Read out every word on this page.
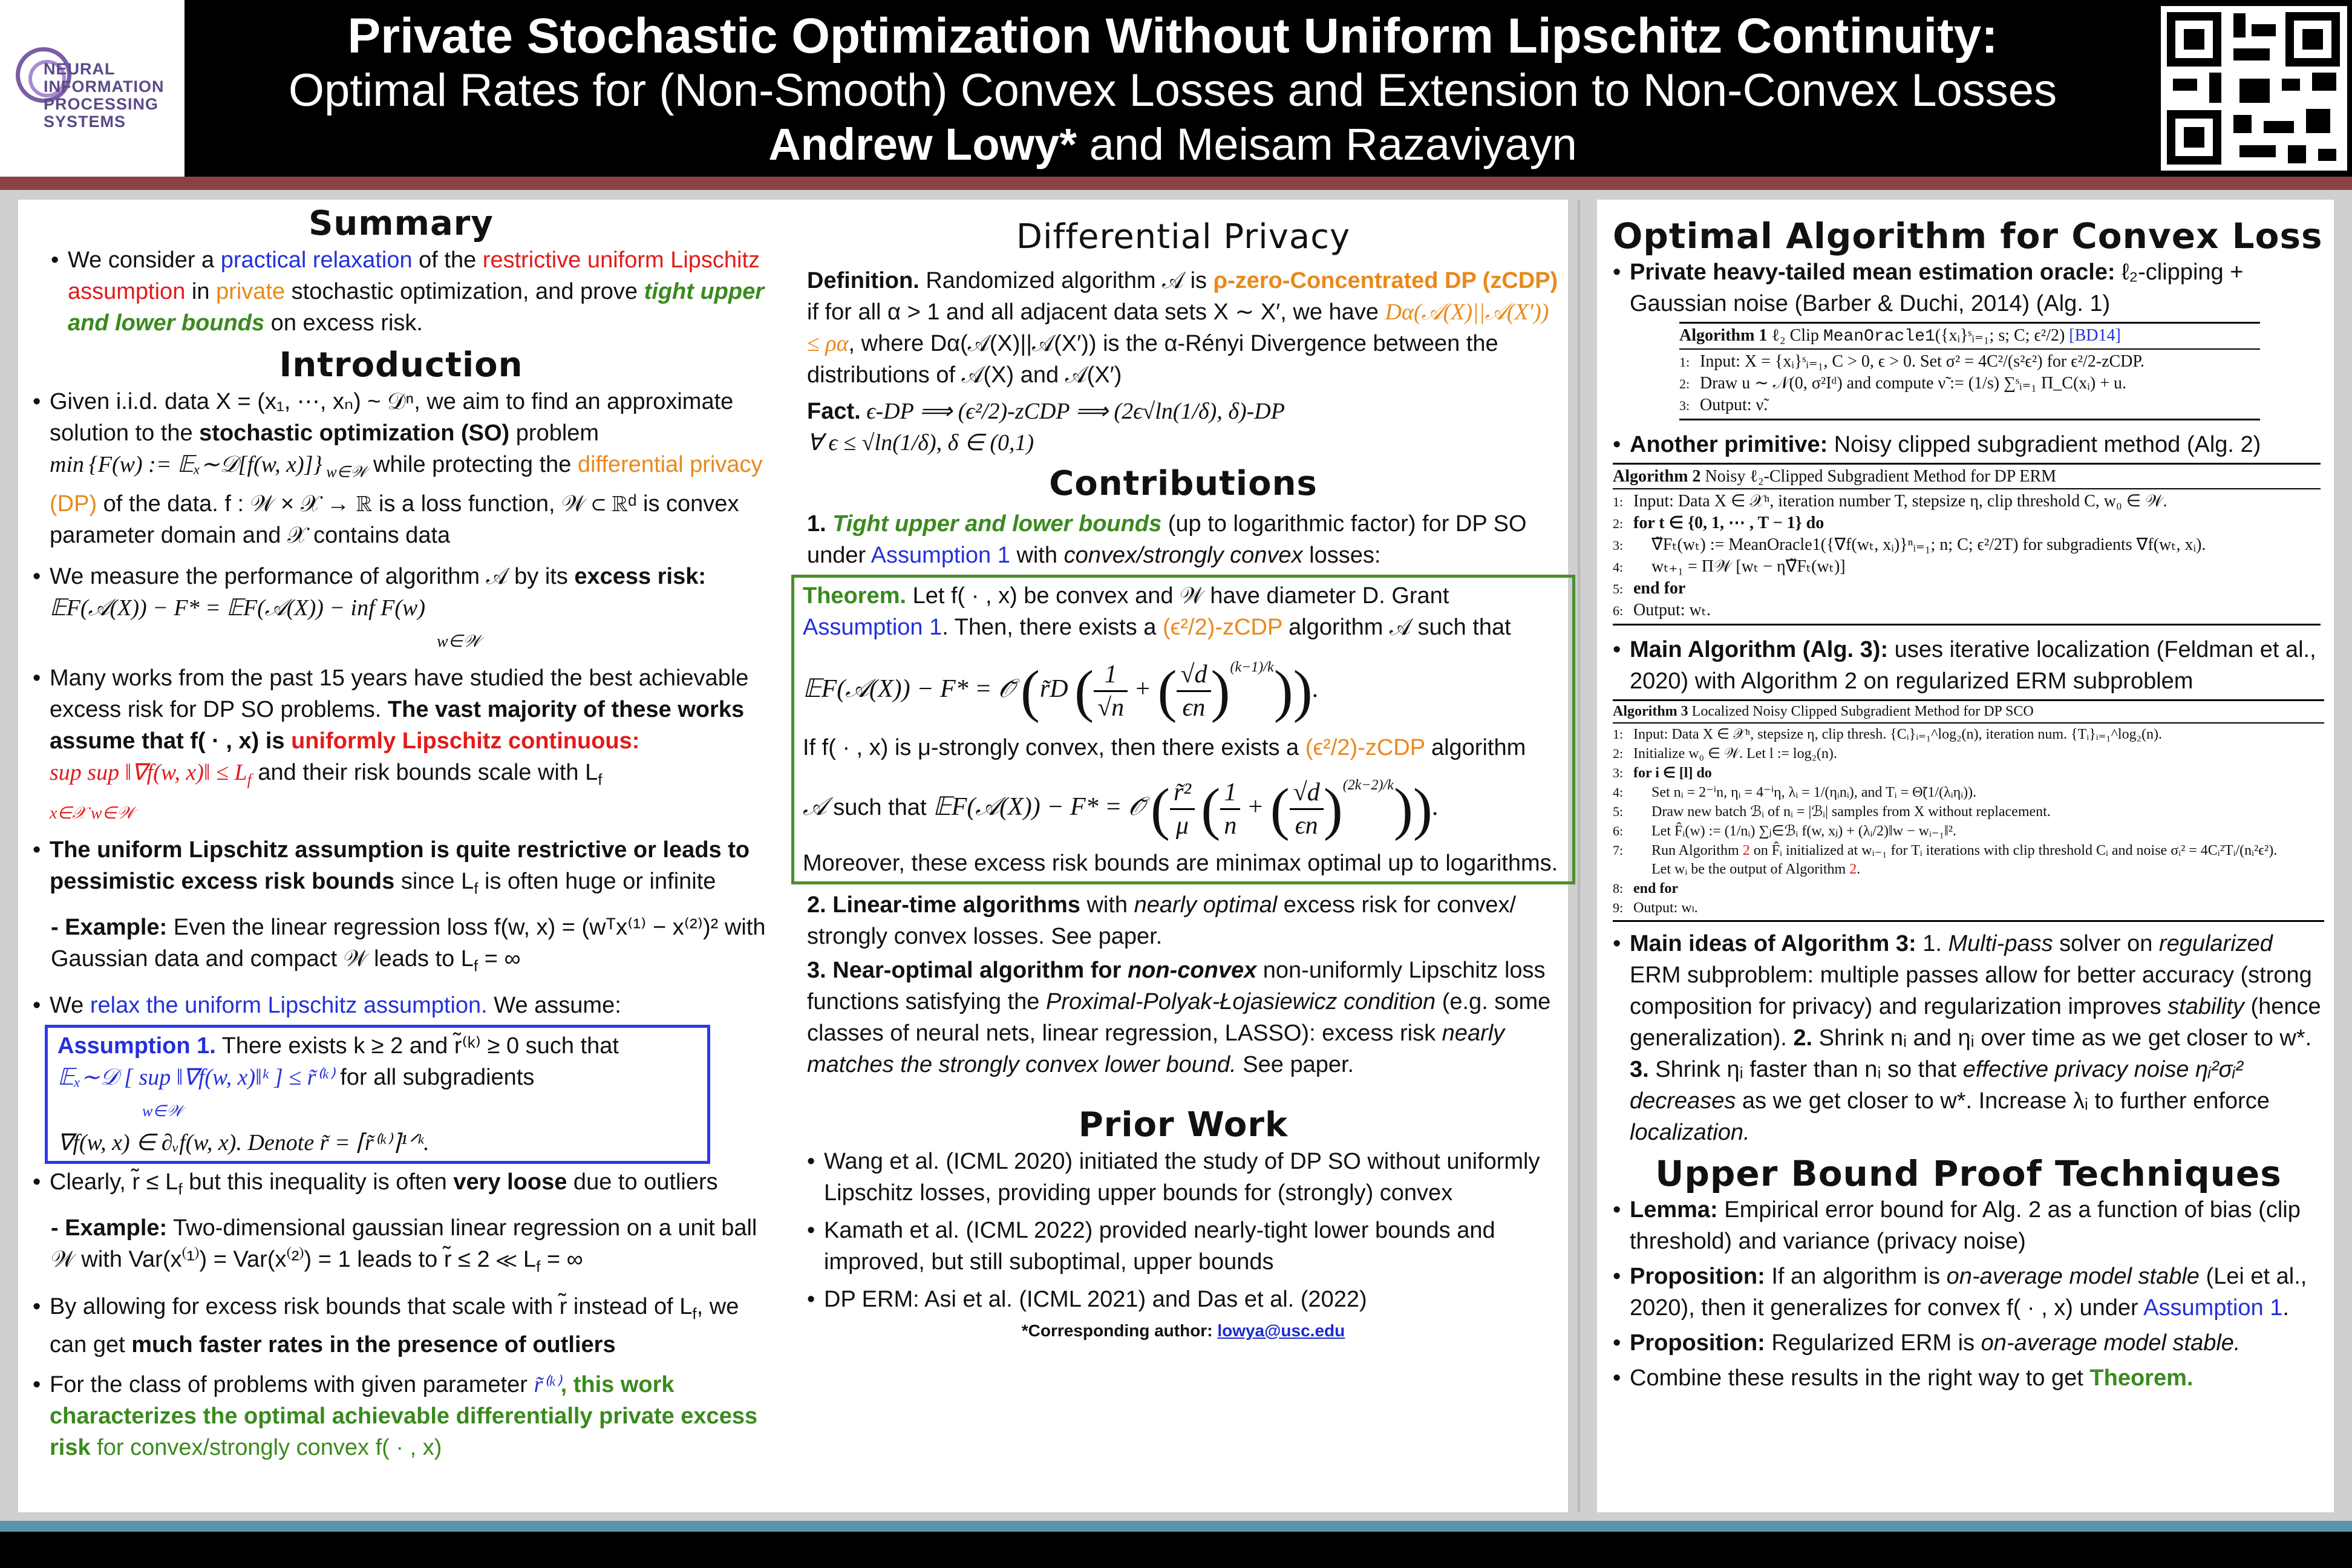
NEURAL INFORMATION PROCESSING SYSTEMS
Private Stochastic Optimization Without Uniform Lipschitz Continuity:
Optimal Rates for (Non-Smooth) Convex Losses and Extension to Non-Convex Losses
Andrew Lowy* and Meisam Razaviyayn
Summary
• We consider a practical relaxation of the restrictive uniform Lipschitz assumption in private stochastic optimization, and prove tight upper and lower bounds on excess risk.
Introduction
• Given i.i.d. data X = (x₁, ⋯, xₙ) ~ 𝒟ⁿ, we aim to find an approximate solution to the stochastic optimization (SO) problem
min {F(w) := 𝔼ₓ∼𝒟[f(w, x)]} $_{w\in 𝒲}$ while protecting the differential privacy (DP) of the data. f : 𝒲 × 𝒳 → ℝ is a loss function, 𝒲 ⊂ ℝᵈ is convex parameter domain and 𝒳 contains data
• We measure the performance of algorithm 𝒜 by its excess risk:
𝔼F(𝒜(X)) − F* = 𝔼F(𝒜(X)) − inf F(w)
w∈𝒲
• Many works from the past 15 years have studied the best achievable excess risk for DP SO problems. The vast majority of these works assume that f( · , x) is uniformly Lipschitz continuous:
sup sup ‖∇f(w, x)‖ ≤ $L_f$ and their risk bounds scale with $L_f$
x∈𝒳 w∈𝒲
• The uniform Lipschitz assumption is quite restrictive or leads to pessimistic excess risk bounds since $L_f$ is often huge or infinite
- Example: Even the linear regression loss f(w, x) = (wᵀx⁽¹⁾ − x⁽²⁾)² with Gaussian data and compact 𝒲 leads to $L_f$ = ∞
• We relax the uniform Lipschitz assumption. We assume:
Assumption 1. There exists k ≥ 2 and r̃⁽ᵏ⁾ ≥ 0 such that
𝔼ₓ∼𝒟 [ sup ‖∇f(w, x)‖ᵏ ] ≤ r̃⁽ᵏ⁾ for all subgradients
w∈𝒲
∇f(w, x) ∈ ∂ᵥf(w, x). Denote r̃ = ⌈r̃⁽ᵏ⁾⌉¹ᐟᵏ.
• Clearly, r̃ ≤ $L_f$ but this inequality is often very loose due to outliers
- Example: Two-dimensional gaussian linear regression on a unit ball 𝒲 with Var(x⁽¹⁾) = Var(x⁽²⁾) = 1 leads to r̃ ≤ 2 ≪ $L_f$ = ∞
• By allowing for excess risk bounds that scale with r̃ instead of $L_f$, we can get much faster rates in the presence of outliers
• For the class of problems with given parameter r̃⁽ᵏ⁾, this work characterizes the optimal achievable differentially private excess risk for convex/strongly convex f( · , x)
Differential Privacy
Definition. Randomized algorithm 𝒜 is ρ-zero-Concentrated DP (zCDP) if for all α > 1 and all adjacent data sets X ∼ X′, we have Dα(𝒜(X)||𝒜(X′)) ≤ ρα, where Dα(𝒜(X)||𝒜(X′)) is the α-Rényi Divergence between the distributions of 𝒜(X) and 𝒜(X′)
Fact. ϵ-DP ⟹ (ϵ²/2)-zCDP ⟹ (2ϵ√ln(1/δ), δ)-DP
∀ ϵ ≤ √ln(1/δ), δ ∈ (0,1)
Contributions
1. Tight upper and lower bounds (up to logarithmic factor) for DP SO under Assumption 1 with convex/strongly convex losses:
Theorem. Let f( · , x) be convex and 𝒲 have diameter D. Grant Assumption 1. Then, there exists a (ϵ²/2)-zCDP algorithm 𝒜 such that
𝔼F(𝒜(X)) − F* = 𝒪̃ (r̃D ( $\frac{1}{√n}$ + ( $\frac{√d}{\epsilon n} )^{(k-1)/k}$)).
If f( · , x) is μ-strongly convex, then there exists a (ϵ²/2)-zCDP algorithm
𝒜 such that 𝔼F(𝒜(X)) − F* = 𝒪̃ ( $\frac{\text{r̃²}}{\mu}$ ( $\frac{1}{n}$ + ( $\frac{√d}{\epsilon n} )^{(2k-2)/k}$)).
Moreover, these excess risk bounds are minimax optimal up to logarithms.
2. Linear-time algorithms with nearly optimal excess risk for convex/ strongly convex losses. See paper.
3. Near-optimal algorithm for non-convex non-uniformly Lipschitz loss functions satisfying the Proximal-Polyak-Łojasiewicz condition (e.g. some classes of neural nets, linear regression, LASSO): excess risk nearly matches the strongly convex lower bound. See paper.
Prior Work
• Wang et al. (ICML 2020) initiated the study of DP SO without uniformly Lipschitz losses, providing upper bounds for (strongly) convex
• Kamath et al. (ICML 2022) provided nearly-tight lower bounds and improved, but still suboptimal, upper bounds
• DP ERM: Asi et al. (ICML 2021) and Das et al. (2022)
*Corresponding author: lowya@usc.edu
Optimal Algorithm for Convex Loss
• Private heavy-tailed mean estimation oracle: ℓ₂-clipping + Gaussian noise (Barber & Duchi, 2014) (Alg. 1)
Algorithm 1 ℓ₂ Clip MeanOracle1({xᵢ}ˢᵢ₌₁; s; C; ϵ²/2) [BD14]
1: Input: X = {xᵢ}ˢᵢ₌₁, C > 0, ϵ > 0. Set σ² = 4C²/(s²ϵ²) for ϵ²/2-zCDP.
2: Draw u ∼ 𝒩(0, σ²Iᵈ) and compute ν̃ := (1/s) ∑ˢᵢ₌₁ Π_C(xᵢ) + u.
3: Output: ν̃.
• Another primitive: Noisy clipped subgradient method (Alg. 2)
Algorithm 2 Noisy ℓ₂-Clipped Subgradient Method for DP ERM
1: Input: Data X ∈ 𝒳ⁿ, iteration number T, stepsize η, clip threshold C, w₀ ∈ 𝒲.
2: for t ∈ {0, 1, ⋯ , T − 1} do
3: ∇̃Fₜ(wₜ) := MeanOracle1({∇f(wₜ, xᵢ)}ⁿᵢ₌₁; n; C; ϵ²/2T) for subgradients ∇f(wₜ, xᵢ).
4: wₜ₊₁ = Π𝒲 [wₜ − η∇̃Fₜ(wₜ)]
5: end for
6: Output: wₜ.
• Main Algorithm (Alg. 3): uses iterative localization (Feldman et al., 2020) with Algorithm 2 on regularized ERM subproblem
Algorithm 3 Localized Noisy Clipped Subgradient Method for DP SCO
1: Input: Data X ∈ 𝒳ⁿ, stepsize η, clip thresh. {Cᵢ}ᵢ₌₁^log₂(n), iteration num. {Tᵢ}ᵢ₌₁^log₂(n).
2: Initialize w₀ ∈ 𝒲. Let l := log₂(n).
3: for i ∈ [l] do
4: Set nᵢ = 2⁻ⁱn, ηᵢ = 4⁻ⁱη, λᵢ = 1/(ηᵢnᵢ), and Tᵢ = Θ̃(1/(λᵢηᵢ)).
5: Draw new batch ℬᵢ of nᵢ = |ℬᵢ| samples from X without replacement.
6: Let F̂ᵢ(w) := (1/nᵢ) ∑ⱼ∈ℬᵢ f(w, xⱼ) + (λᵢ/2)‖w − wᵢ₋₁‖².
7: Run Algorithm 2 on F̂ᵢ initialized at wᵢ₋₁ for Tᵢ iterations with clip threshold Cᵢ and noise σᵢ² = 4Cᵢ²Tᵢ/(nᵢ²ϵ²).
Let wᵢ be the output of Algorithm 2.
8: end for
9: Output: wₗ.
• Main ideas of Algorithm 3: 1. Multi-pass solver on regularized ERM subproblem: multiple passes allow for better accuracy (strong composition for privacy) and regularization improves stability (hence generalization). 2. Shrink nᵢ and ηᵢ over time as we get closer to w*. 3. Shrink ηᵢ faster than nᵢ so that effective privacy noise ηᵢ²σᵢ² decreases as we get closer to w*. Increase λᵢ to further enforce localization.
Upper Bound Proof Techniques
• Lemma: Empirical error bound for Alg. 2 as a function of bias (clip threshold) and variance (privacy noise)
• Proposition: If an algorithm is on-average model stable (Lei et al., 2020), then it generalizes for convex f( · , x) under Assumption 1.
• Proposition: Regularized ERM is on-average model stable.
• Combine these results in the right way to get Theorem.
